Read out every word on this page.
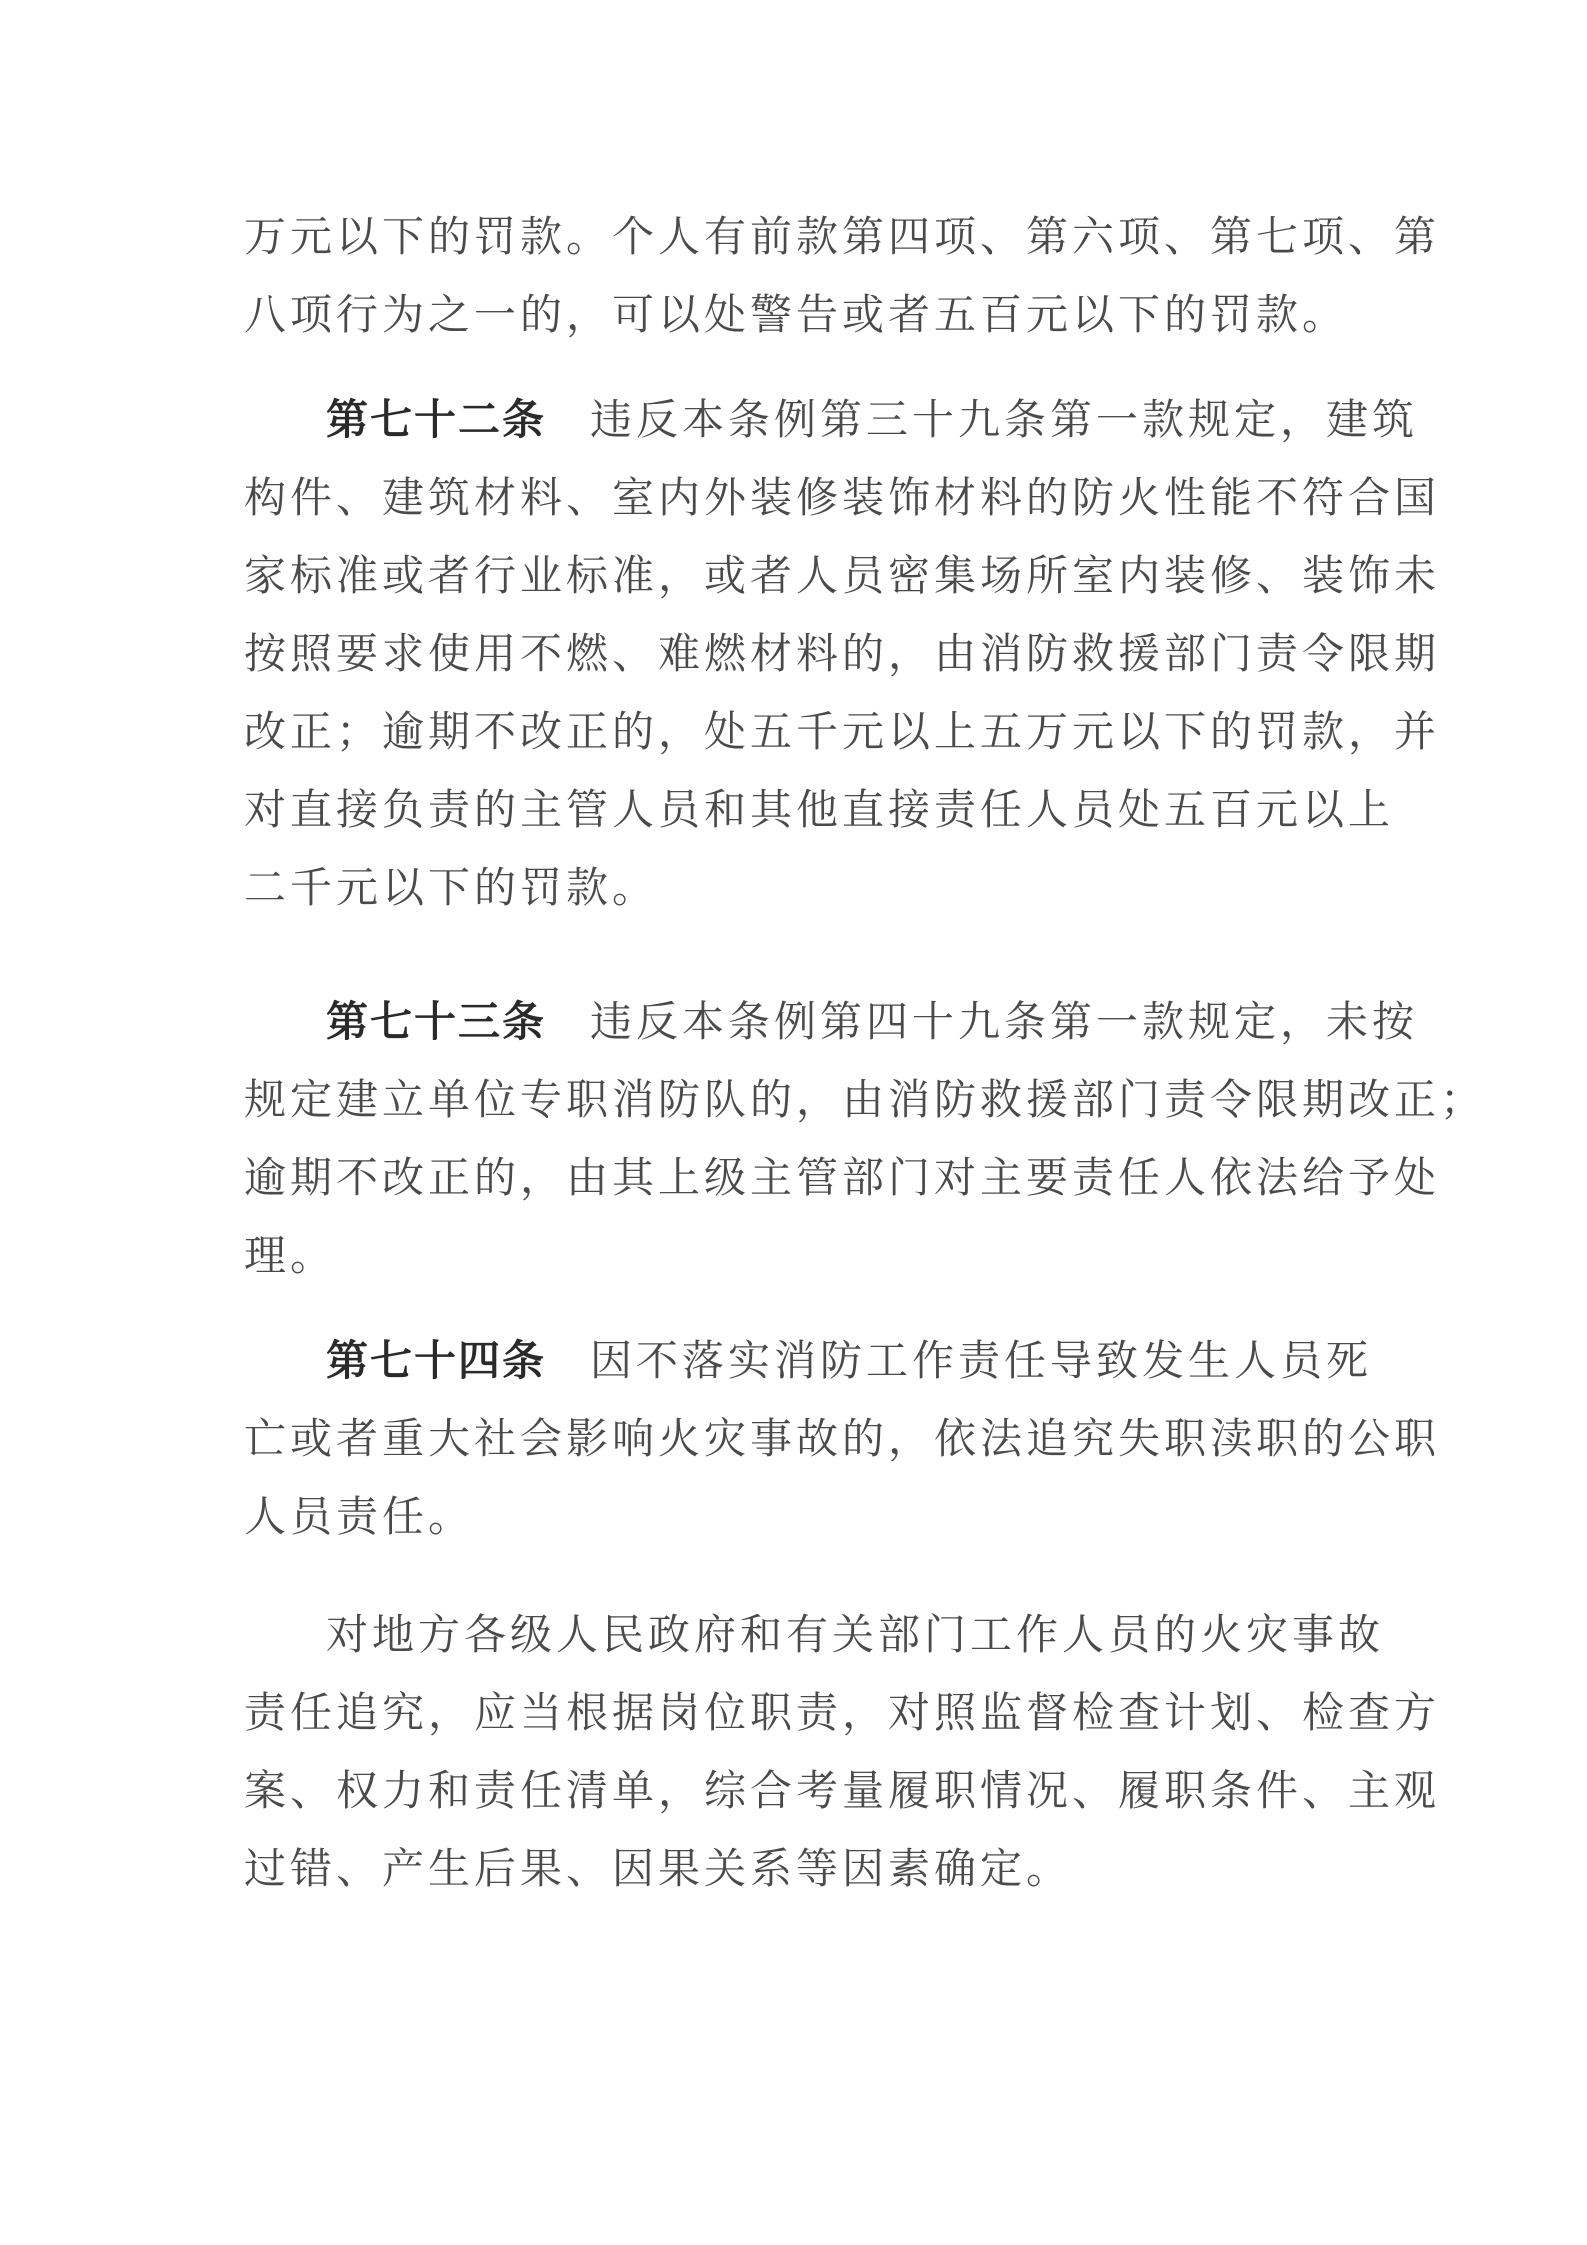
万元以下的罚款。个人有前款第四项、第六项、第七项、第
八项行为之一的，可以处警告或者五百元以下的罚款。
第七十二条 违反本条例第三十九条第一款规定，建筑
构件、建筑材料、室内外装修装饰材料的防火性能不符合国
家标准或者行业标准，或者人员密集场所室内装修、装饰未
按照要求使用不燃、难燃材料的，由消防救援部门责令限期
改正；逾期不改正的，处五千元以上五万元以下的罚款，并
对直接负责的主管人员和其他直接责任人员处五百元以上
二千元以下的罚款。
第七十三条 违反本条例第四十九条第一款规定，未按
规定建立单位专职消防队的，由消防救援部门责令限期改正；
逾期不改正的，由其上级主管部门对主要责任人依法给予处
理。
第七十四条 因不落实消防工作责任导致发生人员死
亡或者重大社会影响火灾事故的，依法追究失职渎职的公职
人员责任。
对地方各级人民政府和有关部门工作人员的火灾事故
责任追究，应当根据岗位职责，对照监督检查计划、检查方
案、权力和责任清单，综合考量履职情况、履职条件、主观
过错、产生后果、因果关系等因素确定。
